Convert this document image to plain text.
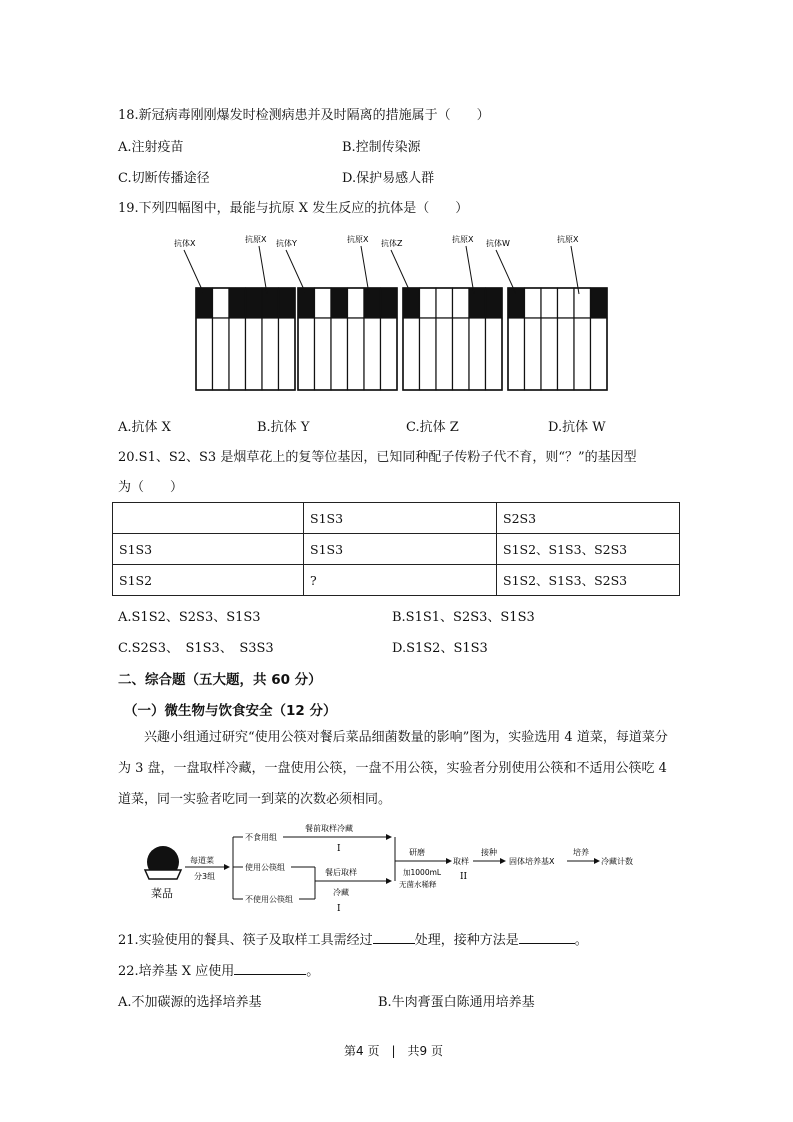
18.新冠病毒刚刚爆发时检测病患并及时隔离的措施属于（　　）
A.注射疫苗	B.控制传染源
C.切断传播途径	D.保护易感人群
19.下列四幅图中，最能与抗原 X 发生反应的抗体是（　　）
抗体X	抗原X 抗体Y	抗原X 抗体Z	抗原X 抗体W	抗原X
A.抗体 X	B.抗体 Y	C.抗体 Z	D.抗体 W
20.S1、S2、S3 是烟草花上的复等位基因，已知同种配子传粉子代不育，则“？”的基因型
为（　　）
	S1S3	S2S3
S1S3	S1S3	S1S2、S1S3、S2S3
S1S2	?	S1S2、S1S3、S2S3
A.S1S2、S2S3、S1S3	B.S1S1、S2S3、S1S3
C.S2S3、　S1S3、　S3S3	D.S1S2、S1S3
二、综合题（五大题，共 60 分）
（一）微生物与饮食安全（12 分）
兴趣小组通过研究“使用公筷对餐后菜品细菌数量的影响”图为，实验选用 4 道菜，每道菜分为 3 盘，一盘取样冷藏，一盘使用公筷，一盘不用公筷，实验者分别使用公筷和不适用公筷吃 4 道菜，同一实验者吃同一到菜的次数必须相同。
菜品
每道菜
分3组
不食用组
使用公筷组
不使用公筷组
餐前取样冷藏
I
餐后取样
冷藏
I
研磨
加1000mL
无菌水稀释
取样
II
接种
固体培养基X
培养
冷藏计数
21.实验使用的餐具、筷子及取样工具需经过	处理，接种方法是	。
22.培养基 X 应使用	。
A.不加碳源的选择培养基	B.牛肉膏蛋白陈通用培养基
第4 页　|　共9 页
